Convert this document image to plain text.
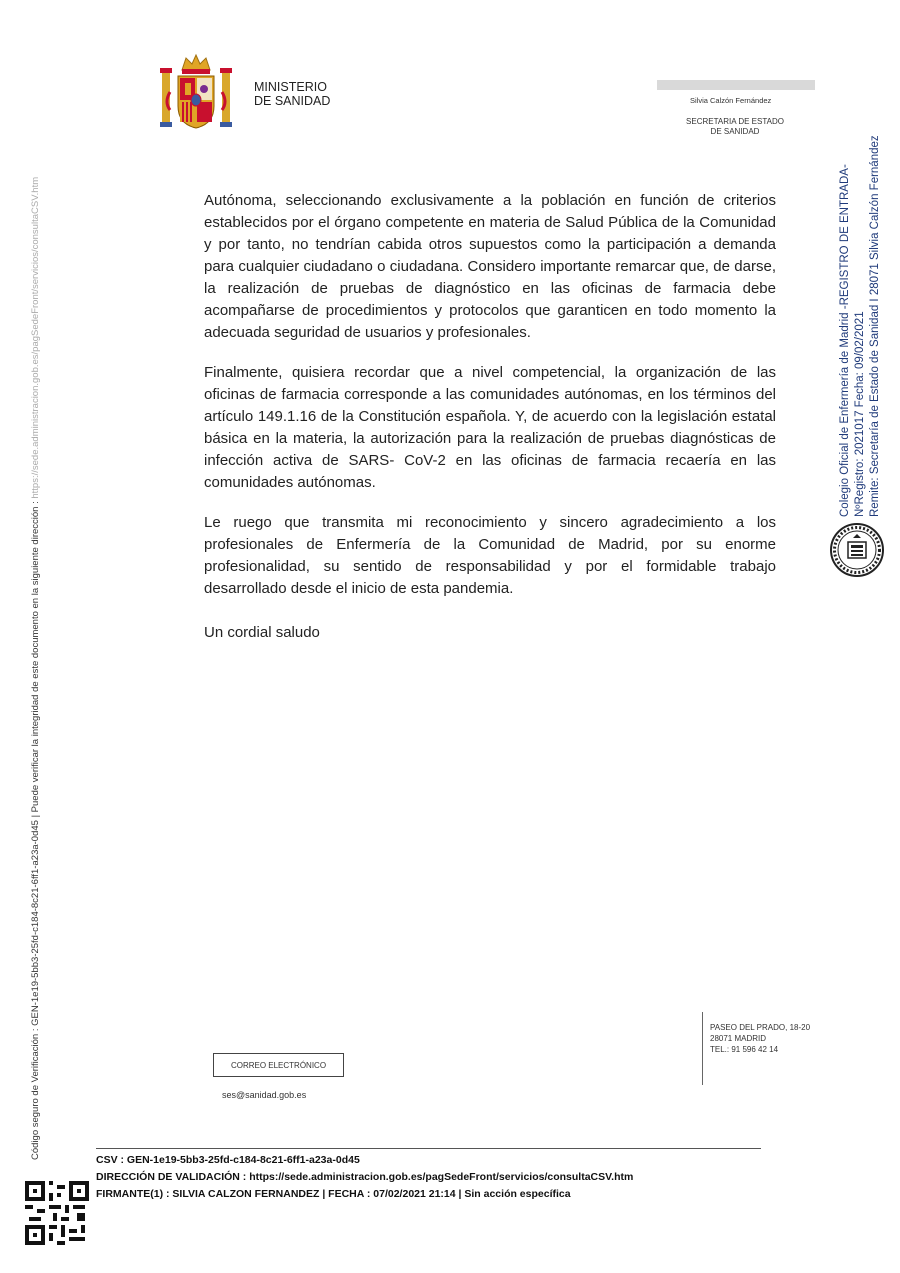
MINISTERIO
DE SANIDAD	Silvia Calzón Fernández
SECRETARIA DE ESTADO
DE SANIDAD

Autónoma, seleccionando exclusivamente a la población en función de criterios establecidos por el órgano competente en materia de Salud Pública de la Comunidad y por tanto, no tendrían cabida otros supuestos como la participación a demanda para cualquier ciudadano o ciudadana. Considero importante remarcar que, de darse, la realización de pruebas de diagnóstico en las oficinas de farmacia debe acompañarse de procedimientos y protocolos que garanticen en todo momento la adecuada seguridad de usuarios y profesionales.

Finalmente, quisiera recordar que a nivel competencial, la organización de las oficinas de farmacia corresponde a las comunidades autónomas, en los términos del artículo 149.1.16 de la Constitución española. Y, de acuerdo con la legislación estatal básica en la materia, la autorización para la realización de pruebas diagnósticas de infección activa de SARS- CoV-2 en las oficinas de farmacia recaería en las comunidades autónomas.

Le ruego que transmita mi reconocimiento y sincero agradecimiento a los profesionales de Enfermería de la Comunidad de Madrid, por su enorme profesionalidad, su sentido de responsabilidad y por el formidable trabajo desarrollado desde el inicio de esta pandemia.

Un cordial saludo

PASEO DEL PRADO, 18-20
28071 MADRID
TEL.: 91 596 42 14
CORREO ELECTRÓNICO
ses@sanidad.gob.es
CSV : GEN-1e19-5bb3-25fd-c184-8c21-6ff1-a23a-0d45
DIRECCIÓN DE VALIDACIÓN : https://sede.administracion.gob.es/pagSedeFront/servicios/consultaCSV.htm
FIRMANTE(1) : SILVIA CALZON FERNANDEZ | FECHA : 07/02/2021 21:14 | Sin acción específica
Código seguro de Verificación : GEN-1e19-5bb3-25fd-c184-8c21-6ff1-a23a-0d45 | Puede verificar la integridad de este documento en la siguiente dirección : https://sede.administracion.gob.es/pagSedeFront/servicios/consultaCSV.htm	Colegio Oficial de Enfermería de Madrid -REGISTRO DE ENTRADA- NºRegistro: 2021017 Fecha: 09/02/2021 Remite: Secretaría de Estado de Sanidad I 28071 Silvia Calzón Fernández
